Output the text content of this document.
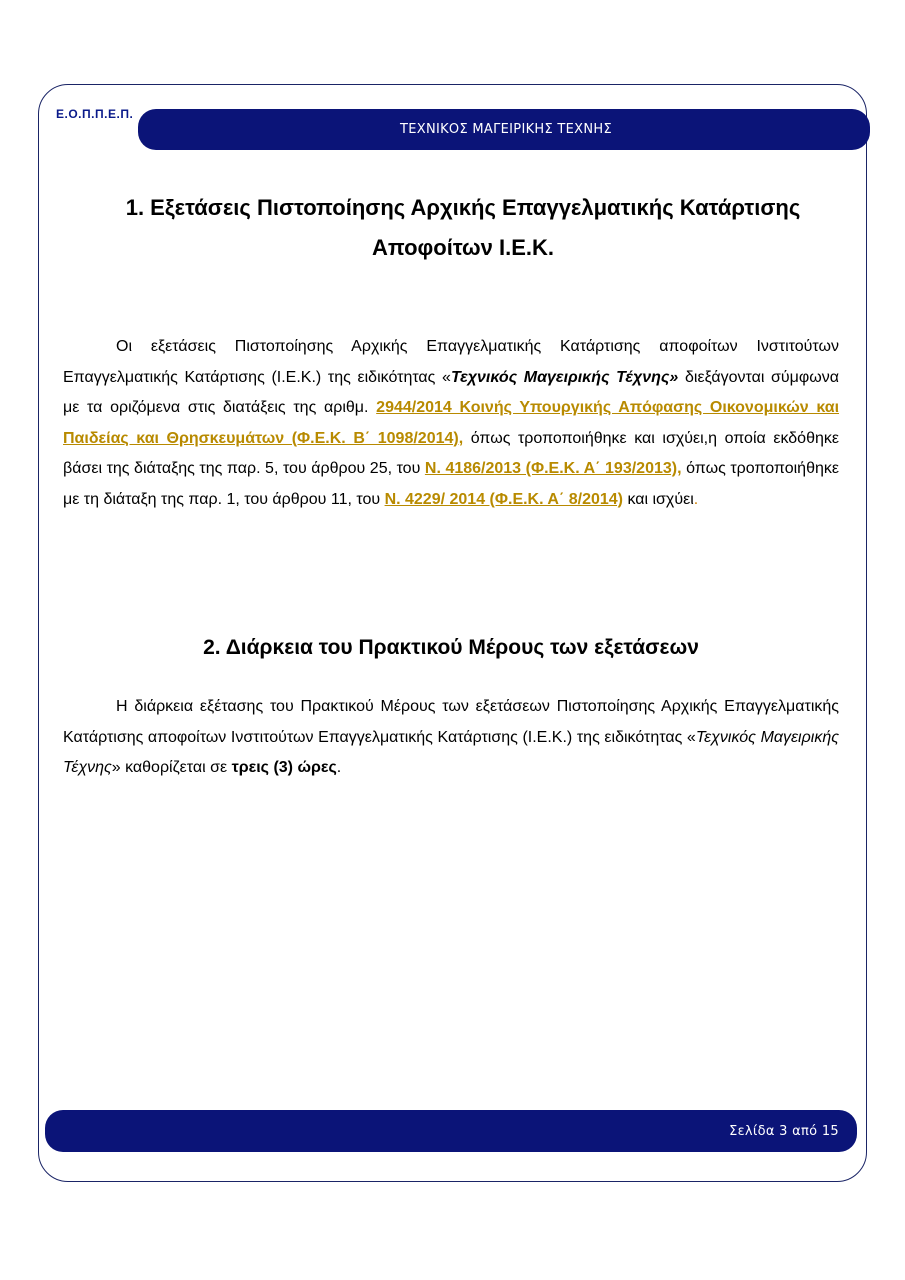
Ε.Ο.Π.Π.Ε.Π.
ΤΕΧΝΙΚΟΣ ΜΑΓΕΙΡΙΚΗΣ ΤΕΧΝΗΣ
1. Εξετάσεις Πιστοποίησης Αρχικής Επαγγελματικής Κατάρτισης
Αποφοίτων Ι.Ε.Κ.
Οι εξετάσεις Πιστοποίησης Αρχικής Επαγγελματικής Κατάρτισης αποφοίτων Ινστιτούτων Επαγγελματικής Κατάρτισης (Ι.Ε.Κ.) της ειδικότητας «Τεχνικός Μαγειρικής Τέχνης» διεξάγονται σύμφωνα με τα οριζόμενα στις διατάξεις της αριθμ. 2944/2014 Κοινής Υπουργικής Απόφασης Οικονομικών και Παιδείας και Θρησκευμάτων (Φ.Ε.Κ. Β΄ 1098/2014), όπως τροποποιήθηκε και ισχύει,η οποία εκδόθηκε βάσει της διάταξης της παρ. 5, του άρθρου 25, του Ν. 4186/2013 (Φ.Ε.Κ. Α΄ 193/2013), όπως τροποποιήθηκε με τη διάταξη της παρ. 1, του άρθρου 11, του Ν. 4229/ 2014 (Φ.Ε.Κ. Α΄ 8/2014) και ισχύει.
2. Διάρκεια του Πρακτικού Μέρους των εξετάσεων
Η διάρκεια εξέτασης του Πρακτικού Μέρους των εξετάσεων Πιστοποίησης Αρχικής Επαγγελματικής Κατάρτισης αποφοίτων Ινστιτούτων Επαγγελματικής Κατάρτισης (Ι.Ε.Κ.) της ειδικότητας «Τεχνικός Μαγειρικής Τέχνης» καθορίζεται σε τρεις (3) ώρες.
Σελίδα 3 από 15
